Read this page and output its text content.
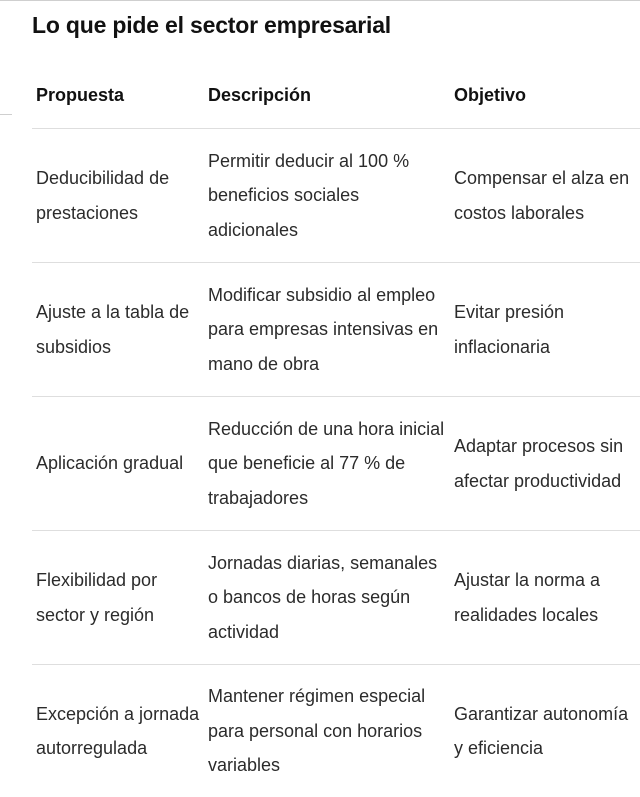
Lo que pide el sector empresarial
Propuesta	Descripción	Objetivo
Deducibilidad de prestaciones	Permitir deducir al 100 % beneficios sociales adicionales	Compensar el alza en costos laborales
Ajuste a la tabla de subsidios	Modificar subsidio al empleo para empresas intensivas en mano de obra	Evitar presión inflacionaria
Aplicación gradual	Reducción de una hora inicial que beneficie al 77 % de trabajadores	Adaptar procesos sin afectar productividad
Flexibilidad por sector y región	Jornadas diarias, semanales o bancos de horas según actividad	Ajustar la norma a realidades locales
Excepción a jornada autorregulada	Mantener régimen especial para personal con horarios variables	Garantizar autonomía y eficiencia
